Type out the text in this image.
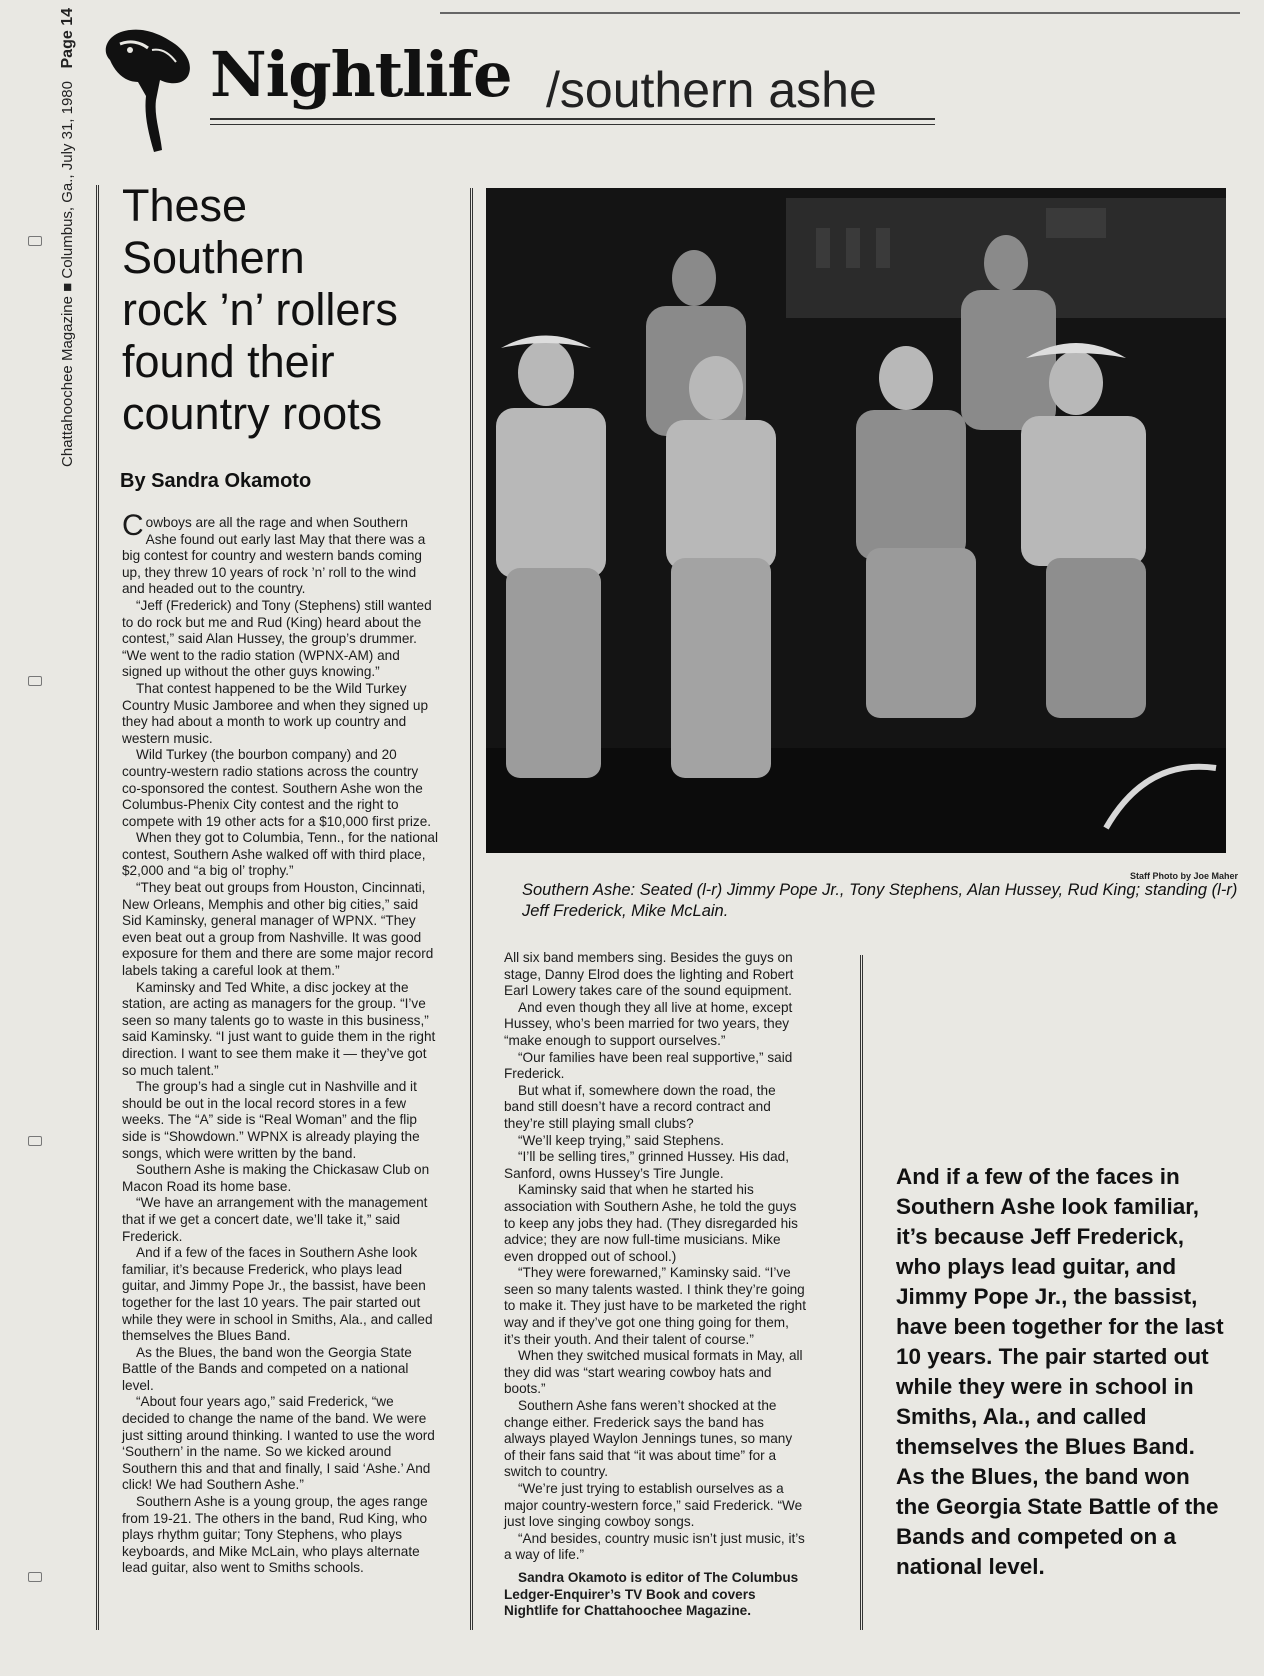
Chattahoochee Magazine ■ Columbus, Ga., July 31, 1980   Page 14 Nightlife /southern ashe
These
Southern
rock ’n’ rollers
found their
country roots
By Sandra Okamoto

Cowboys are all the rage and when Southern Ashe found out early last May that there was a big contest for country and western bands coming up, they threw 10 years of rock ’n’ roll to the wind and headed out to the country.

“Jeff (Frederick) and Tony (Stephens) still wanted to do rock but me and Rud (King) heard about the contest,” said Alan Hussey, the group’s drummer. “We went to the radio station (WPNX-AM) and signed up without the other guys knowing.”

That contest happened to be the Wild Turkey Country Music Jamboree and when they signed up they had about a month to work up country and western music.

Wild Turkey (the bourbon company) and 20 country-western radio stations across the country co-sponsored the contest. Southern Ashe won the Columbus-Phenix City contest and the right to compete with 19 other acts for a $10,000 first prize.

When they got to Columbia, Tenn., for the national contest, Southern Ashe walked off with third place, $2,000 and “a big ol’ trophy.”

“They beat out groups from Houston, Cincinnati, New Orleans, Memphis and other big cities,” said Sid Kaminsky, general manager of WPNX. “They even beat out a group from Nashville. It was good exposure for them and there are some major record labels taking a careful look at them.”

Kaminsky and Ted White, a disc jockey at the station, are acting as managers for the group. “I’ve seen so many talents go to waste in this business,” said Kaminsky. “I just want to guide them in the right direction. I want to see them make it — they’ve got so much talent.”

The group’s had a single cut in Nashville and it should be out in the local record stores in a few weeks. The “A” side is “Real Woman” and the flip side is “Showdown.” WPNX is already playing the songs, which were written by the band.

Southern Ashe is making the Chickasaw Club on Macon Road its home base.

“We have an arrangement with the management that if we get a concert date, we’ll take it,” said Frederick.

And if a few of the faces in Southern Ashe look familiar, it’s because Frederick, who plays lead guitar, and Jimmy Pope Jr., the bassist, have been together for the last 10 years. The pair started out while they were in school in Smiths, Ala., and called themselves the Blues Band.

As the Blues, the band won the Georgia State Battle of the Bands and competed on a national level.

“About four years ago,” said Frederick, “we decided to change the name of the band. We were just sitting around thinking. I wanted to use the word ‘Southern’ in the name. So we kicked around Southern this and that and finally, I said ‘Ashe.’ And click! We had Southern Ashe.”

Southern Ashe is a young group, the ages range from 19-21. The others in the band, Rud King, who plays rhythm guitar; Tony Stephens, who plays keyboards, and Mike McLain, who plays alternate lead guitar, also went to Smiths schools.

Staff Photo by Joe Maher
Southern Ashe: Seated (l-r) Jimmy Pope Jr., Tony Stephens, Alan Hussey, Rud King; standing (l-r) Jeff Frederick, Mike McLain.

All six band members sing. Besides the guys on stage, Danny Elrod does the lighting and Robert Earl Lowery takes care of the sound equipment.

And even though they all live at home, except Hussey, who’s been married for two years, they “make enough to support ourselves.”

“Our families have been real supportive,” said Frederick.

But what if, somewhere down the road, the band still doesn’t have a record contract and they’re still playing small clubs?

“We’ll keep trying,” said Stephens.

“I’ll be selling tires,” grinned Hussey. His dad, Sanford, owns Hussey’s Tire Jungle.

Kaminsky said that when he started his association with Southern Ashe, he told the guys to keep any jobs they had. (They disregarded his advice; they are now full-time musicians. Mike even dropped out of school.)

“They were forewarned,” Kaminsky said. “I’ve seen so many talents wasted. I think they’re going to make it. They just have to be marketed the right way and if they’ve got one thing going for them, it’s their youth. And their talent of course.”

When they switched musical formats in May, all they did was “start wearing cowboy hats and boots.”

Southern Ashe fans weren’t shocked at the change either. Frederick says the band has always played Waylon Jennings tunes, so many of their fans said that “it was about time” for a switch to country.

“We’re just trying to establish ourselves as a major country-western force,” said Frederick. “We just love singing cowboy songs.

“And besides, country music isn’t just music, it’s a way of life.”

Sandra Okamoto is editor of The Columbus Ledger-Enquirer’s TV Book and covers Nightlife for Chattahoochee Magazine.

And if a few of the faces in Southern Ashe look familiar, it’s because Jeff Frederick, who plays lead guitar, and Jimmy Pope Jr., the bassist, have been together for the last 10 years. The pair started out while they were in school in Smiths, Ala., and called themselves the Blues Band. As the Blues, the band won the Georgia State Battle of the Bands and competed on a national level.
